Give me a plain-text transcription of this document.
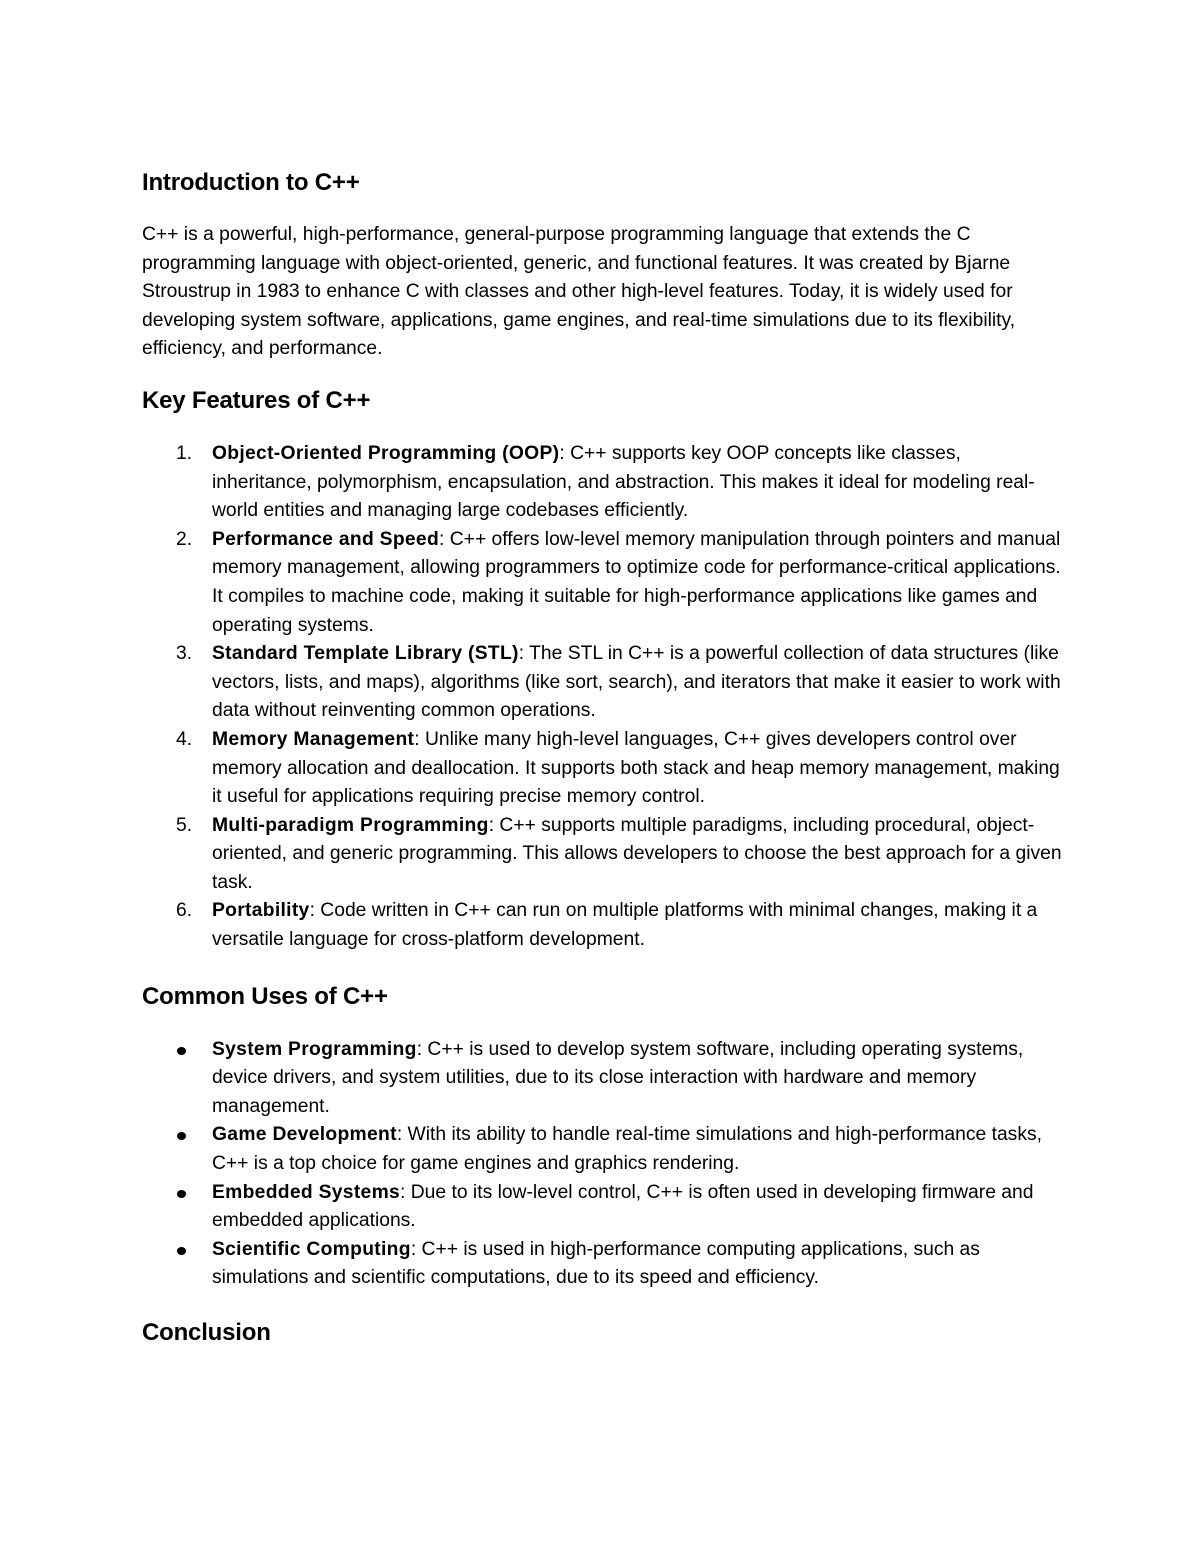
Introduction to C++

C++ is a powerful, high-performance, general-purpose programming language that extends the C programming language with object-oriented, generic, and functional features. It was created by Bjarne Stroustrup in 1983 to enhance C with classes and other high-level features. Today, it is widely used for developing system software, applications, game engines, and real-time simulations due to its flexibility, efficiency, and performance.

Key Features of C++
1. Object-Oriented Programming (OOP): C++ supports key OOP concepts like classes, inheritance, polymorphism, encapsulation, and abstraction. This makes it ideal for modeling real-world entities and managing large codebases efficiently.
2. Performance and Speed: C++ offers low-level memory manipulation through pointers and manual memory management, allowing programmers to optimize code for performance-critical applications. It compiles to machine code, making it suitable for high-performance applications like games and operating systems.
3. Standard Template Library (STL): The STL in C++ is a powerful collection of data structures (like vectors, lists, and maps), algorithms (like sort, search), and iterators that make it easier to work with data without reinventing common operations.
4. Memory Management: Unlike many high-level languages, C++ gives developers control over memory allocation and deallocation. It supports both stack and heap memory management, making it useful for applications requiring precise memory control.
5. Multi-paradigm Programming: C++ supports multiple paradigms, including procedural, object-oriented, and generic programming. This allows developers to choose the best approach for a given task.
6. Portability: Code written in C++ can run on multiple platforms with minimal changes, making it a versatile language for cross-platform development.
Common Uses of C++
System Programming: C++ is used to develop system software, including operating systems, device drivers, and system utilities, due to its close interaction with hardware and memory management.
Game Development: With its ability to handle real-time simulations and high-performance tasks, C++ is a top choice for game engines and graphics rendering.
Embedded Systems: Due to its low-level control, C++ is often used in developing firmware and embedded applications.
Scientific Computing: C++ is used in high-performance computing applications, such as simulations and scientific computations, due to its speed and efficiency.
Conclusion
